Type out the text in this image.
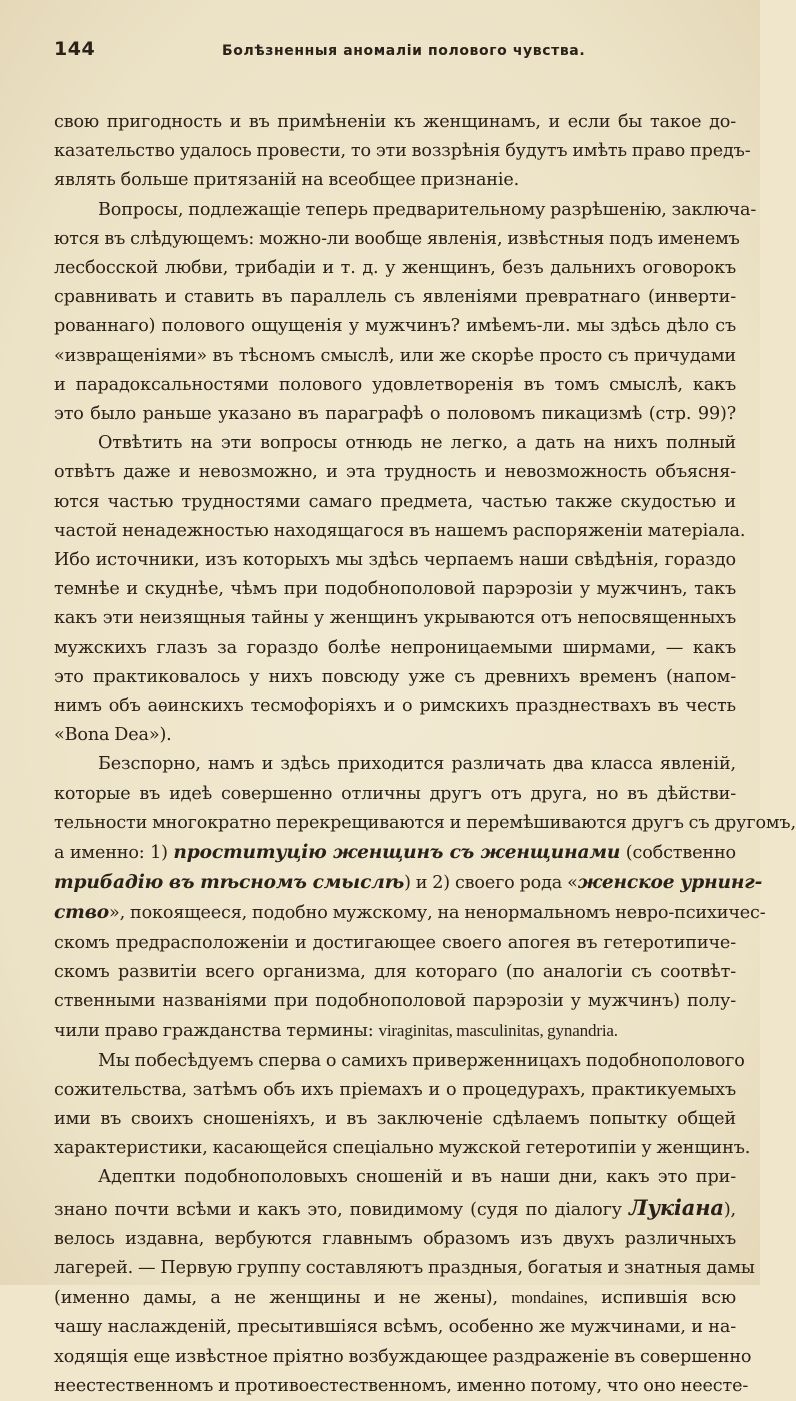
144	Болѣзненныя аномаліи полового чувства.
свою пригодность и въ примѣненіи къ женщинамъ, и если бы такое до-
казательство удалось провести, то эти воззрѣнія будутъ имѣть право предъ-
являть больше притязаній на всеобщее признаніе.
Вопросы, подлежащіе теперь предварительному разрѣшенію, заключа-
ются въ слѣдующемъ: можно-ли вообще явленія, извѣстныя подъ именемъ
лесбосской любви, трибадіи и т. д. у женщинъ, безъ дальнихъ оговорокъ
сравнивать и ставить въ параллель съ явленіями превратнаго (инверти-
рованнаго) полового ощущенія у мужчинъ? имѣемъ-ли. мы здѣсь дѣло съ
«извращеніями» въ тѣсномъ смыслѣ, или же скорѣе просто съ причудами
и парадоксальностями полового удовлетворенія въ томъ смыслѣ, какъ
это было раньше указано въ параграфѣ о половомъ пикацизмѣ (стр. 99)?
Отвѣтить на эти вопросы отнюдь не легко, а дать на нихъ полный
отвѣтъ даже и невозможно, и эта трудность и невозможность объясня-
ются частью трудностями самаго предмета, частью также скудостью и
частой ненадежностью находящагося въ нашемъ распоряженіи матеріала.
Ибо источники, изъ которыхъ мы здѣсь черпаемъ наши свѣдѣнія, гораздо
темнѣе и скуднѣе, чѣмъ при подобнополовой парэрозіи у мужчинъ, такъ
какъ эти неизящныя тайны у женщинъ укрываются отъ непосвященныхъ
мужскихъ глазъ за гораздо болѣе непроницаемыми ширмами, — какъ
это практиковалось у нихъ повсюду уже съ древнихъ временъ (напом-
нимъ объ аѳинскихъ тесмофоріяхъ и о римскихъ празднествахъ въ честь
«Bona Dea»).
Безспорно, намъ и здѣсь приходится различать два класса явленій,
которые въ идеѣ совершенно отличны другъ отъ друга, но въ дѣйстви-
тельности многократно перекрещиваются и перемѣшиваются другъ съ другомъ,
а именно: 1) проституцію женщинъ съ женщинами (собственно
трибадію въ тѣсномъ смыслѣ) и 2) своего рода «женское урнинг-
ство», покоящееся, подобно мужскому, на ненормальномъ невро-психичес-
скомъ предрасположеніи и достигающее своего апогея въ гетеротипиче-
скомъ развитіи всего организма, для котораго (по аналогіи съ соотвѣт-
ственными названіями при подобнополовой парэрозіи у мужчинъ) полу-
чили право гражданства термины: viraginitas, masculinitas, gynandria.
Мы побесѣдуемъ сперва о самихъ приверженницахъ подобнополового
сожительства, затѣмъ объ ихъ пріемахъ и о процедурахъ, практикуемыхъ
ими въ своихъ сношеніяхъ, и въ заключеніе сдѣлаемъ попытку общей
характеристики, касающейся спеціально мужской гетеротипіи у женщинъ.
Адептки подобнополовыхъ сношеній и въ наши дни, какъ это при-
знано почти всѣми и какъ это, повидимому (судя по діалогу Лукіана),
велось издавна, вербуются главнымъ образомъ изъ двухъ различныхъ
лагерей. — Первую группу составляютъ праздныя, богатыя и знатныя дамы
(именно дамы, а не женщины и не жены), mondaines, испившія всю
чашу наслажденій, пресытившіяся всѣмъ, особенно же мужчинами, и на-
ходящія еще извѣстное пріятно возбуждающее раздраженіе въ совершенно
неестественномъ и противоестественномъ, именно потому, что оно неесте-
